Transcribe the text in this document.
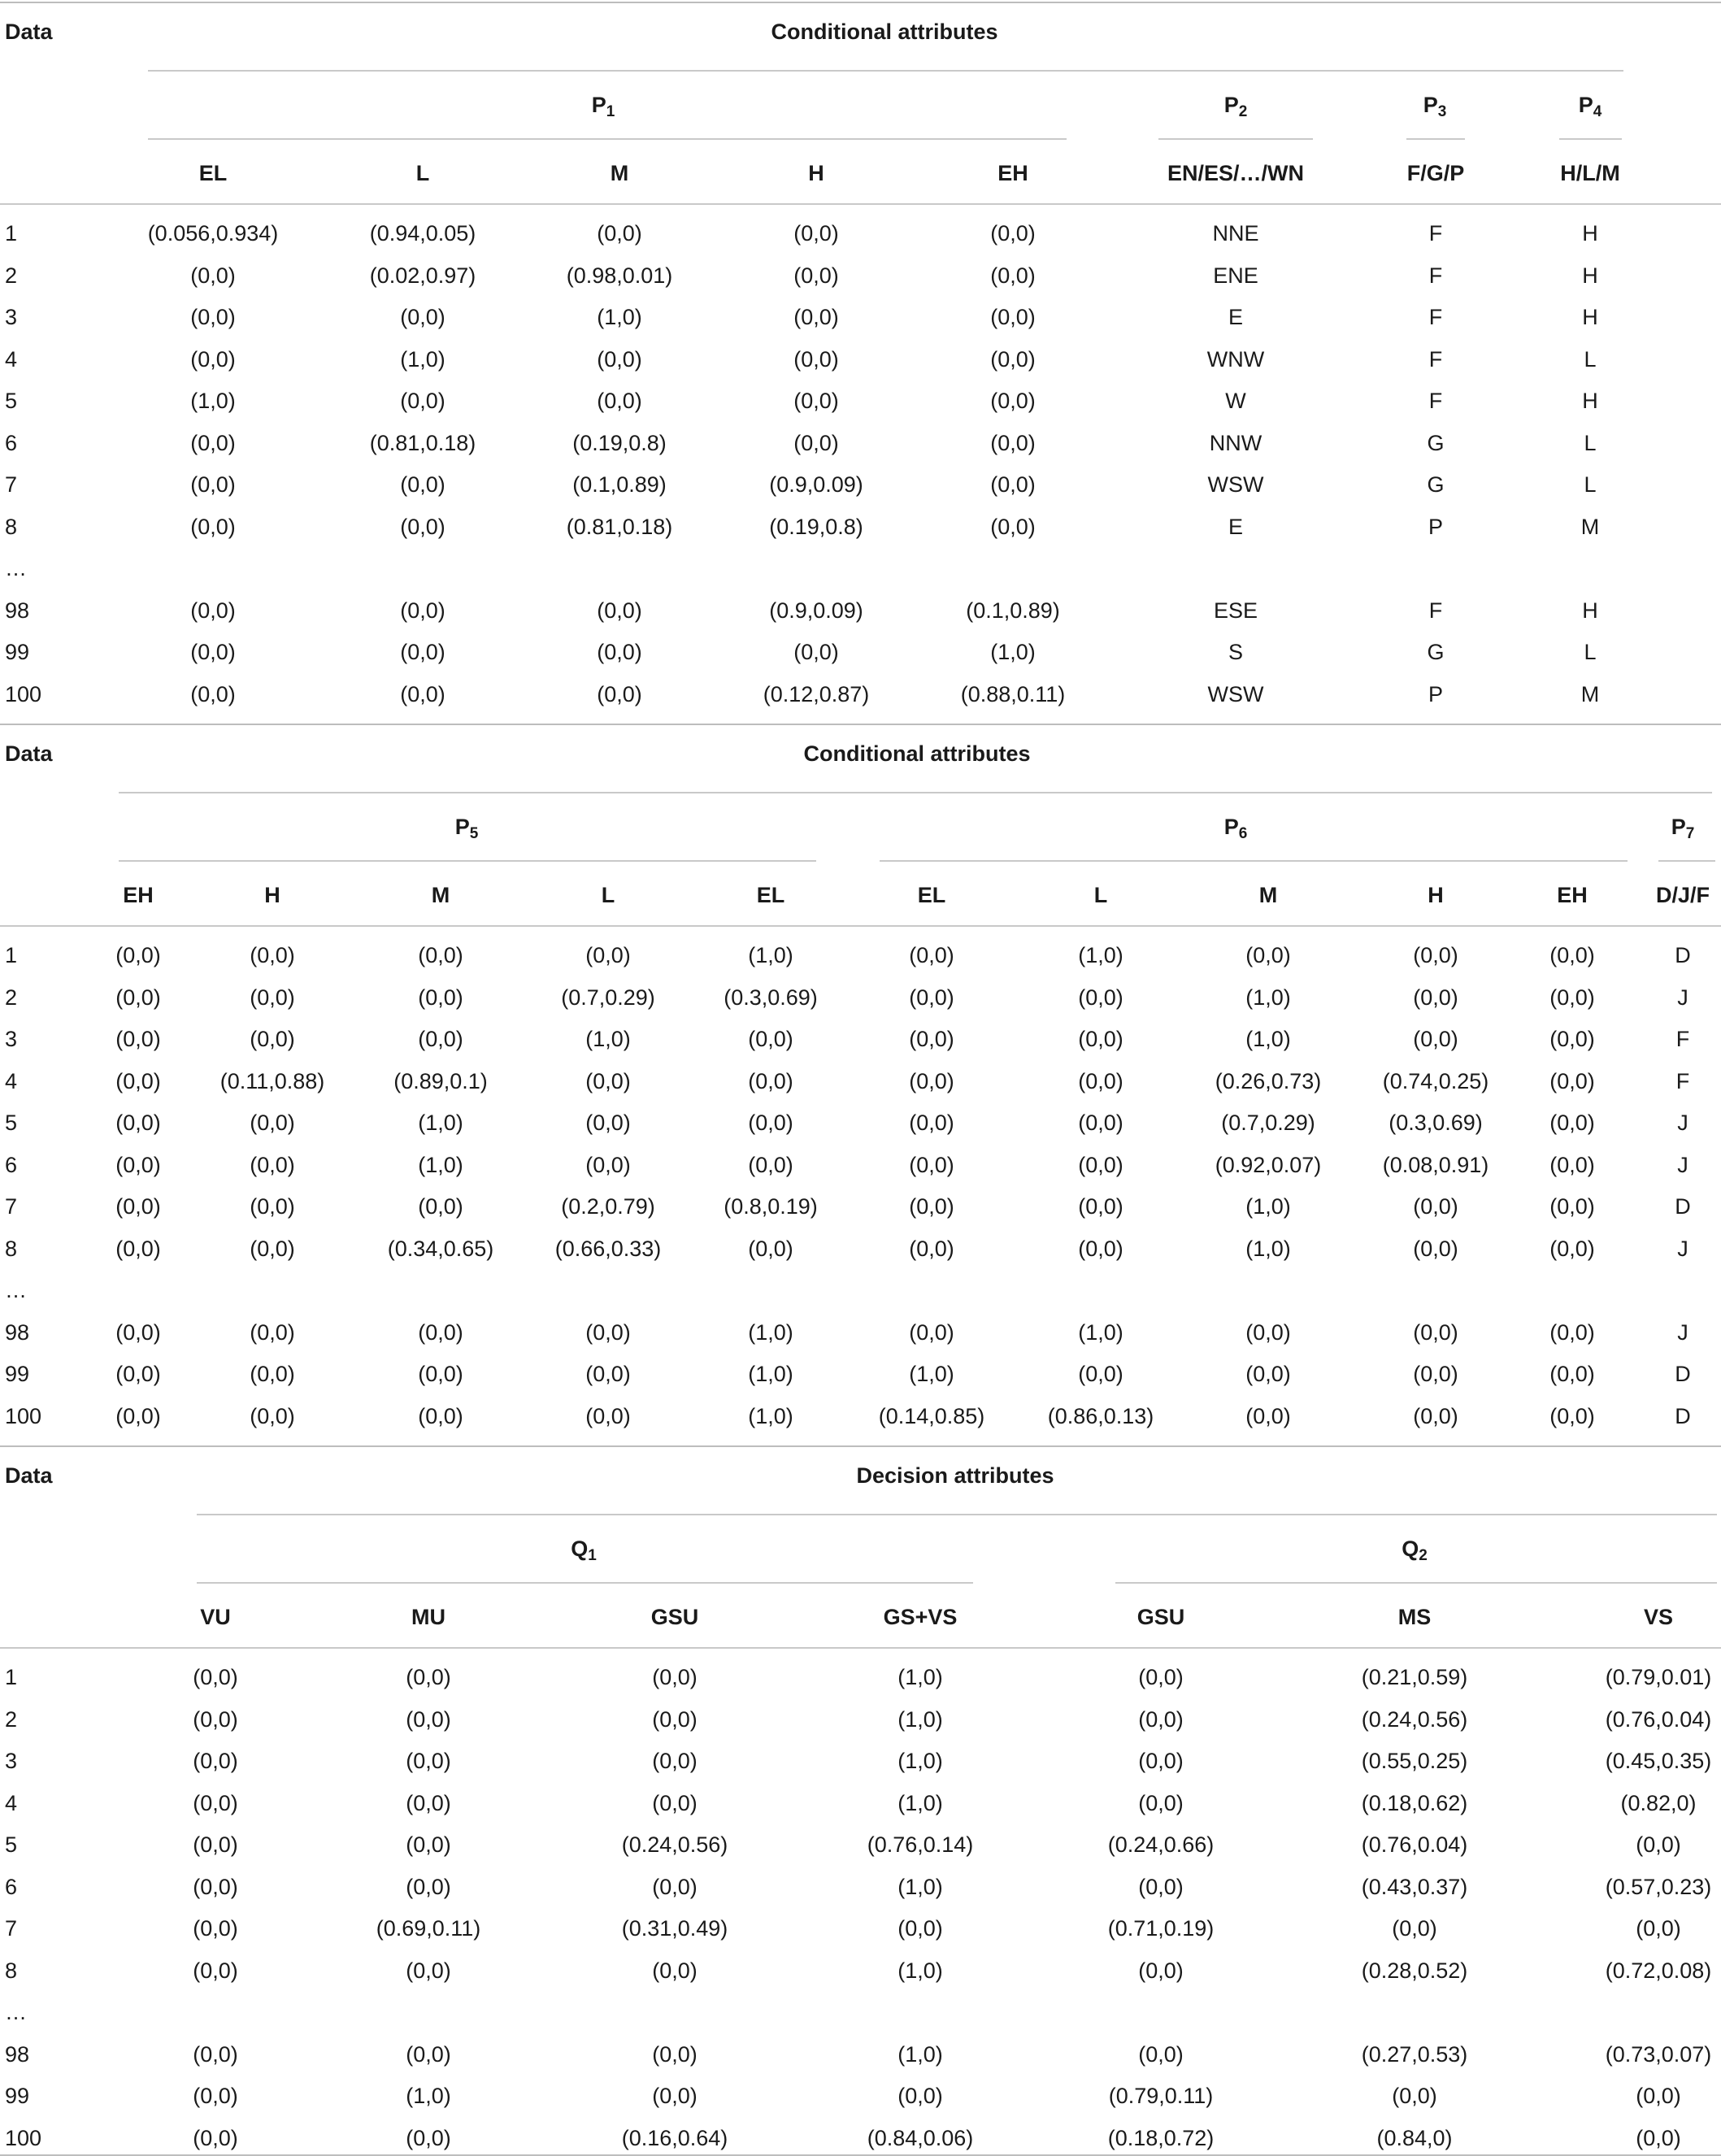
Data	Conditional attributes
$P_1$	$P_2$	$P_3$	$P_4$
EL	L	M	H	EH	EN/ES/…/WN	F/G/P	H/L/M
1	(0.056,0.934)	(0.94,0.05)	(0,0)	(0,0)	(0,0)	NNE	F	H
2	(0,0)	(0.02,0.97)	(0.98,0.01)	(0,0)	(0,0)	ENE	F	H
3	(0,0)	(0,0)	(1,0)	(0,0)	(0,0)	E	F	H
4	(0,0)	(1,0)	(0,0)	(0,0)	(0,0)	WNW	F	L
5	(1,0)	(0,0)	(0,0)	(0,0)	(0,0)	W	F	H
6	(0,0)	(0.81,0.18)	(0.19,0.8)	(0,0)	(0,0)	NNW	G	L
7	(0,0)	(0,0)	(0.1,0.89)	(0.9,0.09)	(0,0)	WSW	G	L
8	(0,0)	(0,0)	(0.81,0.18)	(0.19,0.8)	(0,0)	E	P	M
…
98	(0,0)	(0,0)	(0,0)	(0.9,0.09)	(0.1,0.89)	ESE	F	H
99	(0,0)	(0,0)	(0,0)	(0,0)	(1,0)	S	G	L
100	(0,0)	(0,0)	(0,0)	(0.12,0.87)	(0.88,0.11)	WSW	P	M
Data	Conditional attributes
$P_5$	$P_6$	$P_7$
EH	H	M	L	EL	EL	L	M	H	EH	D/J/F
1	(0,0)	(0,0)	(0,0)	(0,0)	(1,0)	(0,0)	(1,0)	(0,0)	(0,0)	(0,0)	D
2	(0,0)	(0,0)	(0,0)	(0.7,0.29)	(0.3,0.69)	(0,0)	(0,0)	(1,0)	(0,0)	(0,0)	J
3	(0,0)	(0,0)	(0,0)	(1,0)	(0,0)	(0,0)	(0,0)	(1,0)	(0,0)	(0,0)	F
4	(0,0)	(0.11,0.88)	(0.89,0.1)	(0,0)	(0,0)	(0,0)	(0,0)	(0.26,0.73)	(0.74,0.25)	(0,0)	F
5	(0,0)	(0,0)	(1,0)	(0,0)	(0,0)	(0,0)	(0,0)	(0.7,0.29)	(0.3,0.69)	(0,0)	J
6	(0,0)	(0,0)	(1,0)	(0,0)	(0,0)	(0,0)	(0,0)	(0.92,0.07)	(0.08,0.91)	(0,0)	J
7	(0,0)	(0,0)	(0,0)	(0.2,0.79)	(0.8,0.19)	(0,0)	(0,0)	(1,0)	(0,0)	(0,0)	D
8	(0,0)	(0,0)	(0.34,0.65)	(0.66,0.33)	(0,0)	(0,0)	(0,0)	(1,0)	(0,0)	(0,0)	J
…
98	(0,0)	(0,0)	(0,0)	(0,0)	(1,0)	(0,0)	(1,0)	(0,0)	(0,0)	(0,0)	J
99	(0,0)	(0,0)	(0,0)	(0,0)	(1,0)	(1,0)	(0,0)	(0,0)	(0,0)	(0,0)	D
100	(0,0)	(0,0)	(0,0)	(0,0)	(1,0)	(0.14,0.85)	(0.86,0.13)	(0,0)	(0,0)	(0,0)	D
Data	Decision attributes
$Q_1$	$Q_2$
VU	MU	GSU	GS+VS	GSU	MS	VS
1	(0,0)	(0,0)	(0,0)	(1,0)	(0,0)	(0.21,0.59)	(0.79,0.01)
2	(0,0)	(0,0)	(0,0)	(1,0)	(0,0)	(0.24,0.56)	(0.76,0.04)
3	(0,0)	(0,0)	(0,0)	(1,0)	(0,0)	(0.55,0.25)	(0.45,0.35)
4	(0,0)	(0,0)	(0,0)	(1,0)	(0,0)	(0.18,0.62)	(0.82,0)
5	(0,0)	(0,0)	(0.24,0.56)	(0.76,0.14)	(0.24,0.66)	(0.76,0.04)	(0,0)
6	(0,0)	(0,0)	(0,0)	(1,0)	(0,0)	(0.43,0.37)	(0.57,0.23)
7	(0,0)	(0.69,0.11)	(0.31,0.49)	(0,0)	(0.71,0.19)	(0,0)	(0,0)
8	(0,0)	(0,0)	(0,0)	(1,0)	(0,0)	(0.28,0.52)	(0.72,0.08)
…
98	(0,0)	(0,0)	(0,0)	(1,0)	(0,0)	(0.27,0.53)	(0.73,0.07)
99	(0,0)	(1,0)	(0,0)	(0,0)	(0.79,0.11)	(0,0)	(0,0)
100	(0,0)	(0,0)	(0.16,0.64)	(0.84,0.06)	(0.18,0.72)	(0.84,0)	(0,0)
